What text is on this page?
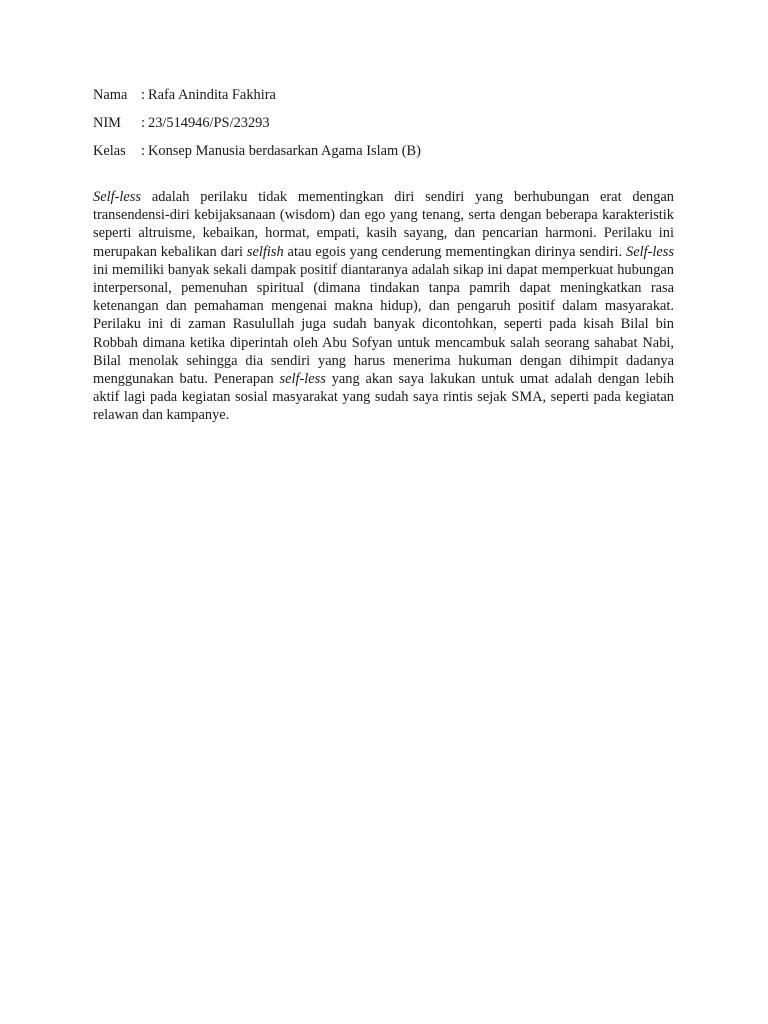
Nama : Rafa Anindita Fakhira
NIM	: 23/514946/PS/23293
Kelas	: Konsep Manusia berdasarkan Agama Islam (B)

Self-less adalah perilaku tidak mementingkan diri sendiri yang berhubungan erat dengan transendensi-diri kebijaksanaan (wisdom) dan ego yang tenang, serta dengan beberapa karakteristik seperti altruisme, kebaikan, hormat, empati, kasih sayang, dan pencarian harmoni. Perilaku ini merupakan kebalikan dari selfish atau egois yang cenderung mementingkan dirinya sendiri. Self-less ini memiliki banyak sekali dampak positif diantaranya adalah sikap ini dapat memperkuat hubungan interpersonal, pemenuhan spiritual (dimana tindakan tanpa pamrih dapat meningkatkan rasa ketenangan dan pemahaman mengenai makna hidup), dan pengaruh positif dalam masyarakat. Perilaku ini di zaman Rasulullah juga sudah banyak dicontohkan, seperti pada kisah Bilal bin Robbah dimana ketika diperintah oleh Abu Sofyan untuk mencambuk salah seorang sahabat Nabi, Bilal menolak sehingga dia sendiri yang harus menerima hukuman dengan dihimpit dadanya menggunakan batu. Penerapan self-less yang akan saya lakukan untuk umat adalah dengan lebih aktif lagi pada kegiatan sosial masyarakat yang sudah saya rintis sejak SMA, seperti pada kegiatan relawan dan kampanye.
